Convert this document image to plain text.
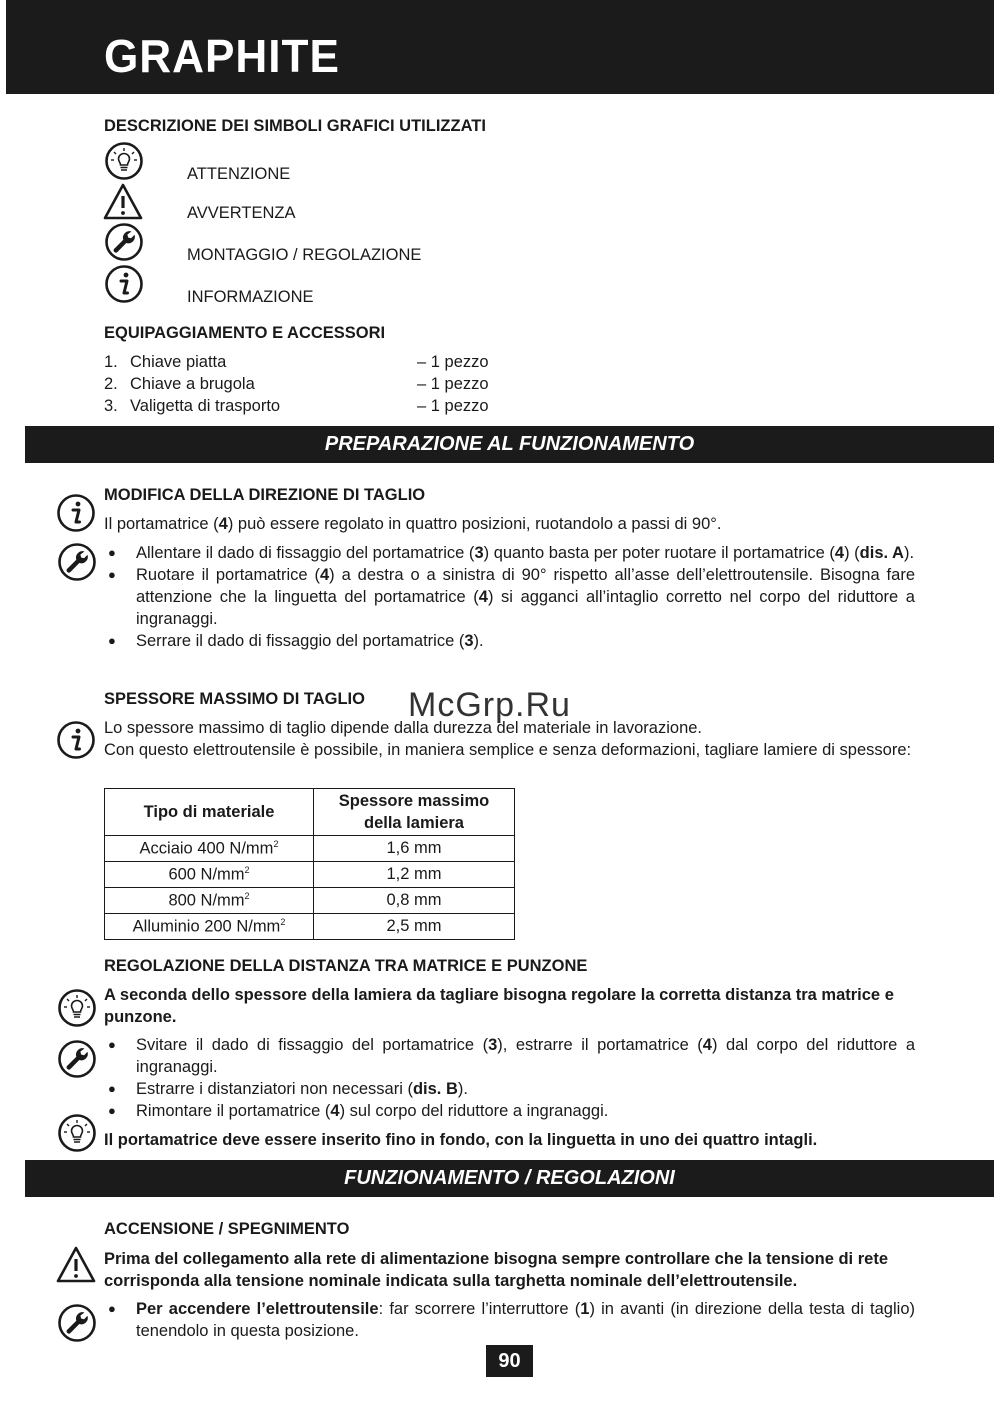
GRAPHITE
DESCRIZIONE DEI SIMBOLI GRAFICI UTILIZZATI
ATTENZIONE
AVVERTENZA
MONTAGGIO / REGOLAZIONE
INFORMAZIONE
EQUIPAGGIAMENTO E ACCESSORI
1. Chiave piatta	– 1 pezzo
2. Chiave a brugola	– 1 pezzo
3. Valigetta di trasporto	– 1 pezzo
PREPARAZIONE AL FUNZIONAMENTO
MODIFICA DELLA DIREZIONE DI TAGLIO
Il portamatrice (4) può essere regolato in quattro posizioni, ruotandolo a passi di 90°.
● Allentare il dado di fissaggio del portamatrice (3) quanto basta per poter ruotare il portamatrice (4) (dis. A).
● Ruotare il portamatrice (4) a destra o a sinistra di 90° rispetto all’asse dell’elettroutensile. Bisogna fare attenzione che la linguetta del portamatrice (4) si agganci all’intaglio corretto nel corpo del riduttore a ingranaggi.
● Serrare il dado di fissaggio del portamatrice (3).
SPESSORE MASSIMO DI TAGLIO
Lo spessore massimo di taglio dipende dalla durezza del materiale in lavorazione.
Con questo elettroutensile è possibile, in maniera semplice e senza deformazioni, tagliare lamiere di spessore:
McGrp.Ru
Tipo di materiale	Spessore massimo della lamiera
Acciaio 400 $N/mm^2$	1,6 mm
600 $N/mm^2$	1,2 mm
800 $N/mm^2$	0,8 mm
Alluminio 200 $N/mm^2$	2,5 mm
REGOLAZIONE DELLA DISTANZA TRA MATRICE E PUNZONE
A seconda dello spessore della lamiera da tagliare bisogna regolare la corretta distanza tra matrice e punzone.
● Svitare il dado di fissaggio del portamatrice (3), estrarre il portamatrice (4) dal corpo del riduttore a ingranaggi.
● Estrarre i distanziatori non necessari (dis. B).
● Rimontare il portamatrice (4) sul corpo del riduttore a ingranaggi.
Il portamatrice deve essere inserito fino in fondo, con la linguetta in uno dei quattro intagli.
FUNZIONAMENTO / REGOLAZIONI
ACCENSIONE / SPEGNIMENTO
Prima del collegamento alla rete di alimentazione bisogna sempre controllare che la tensione di rete corrisponda alla tensione nominale indicata sulla targhetta nominale dell’elettroutensile.
● Per accendere l’elettroutensile: far scorrere l’interruttore (1) in avanti (in direzione della testa di taglio) tenendolo in questa posizione.
90
